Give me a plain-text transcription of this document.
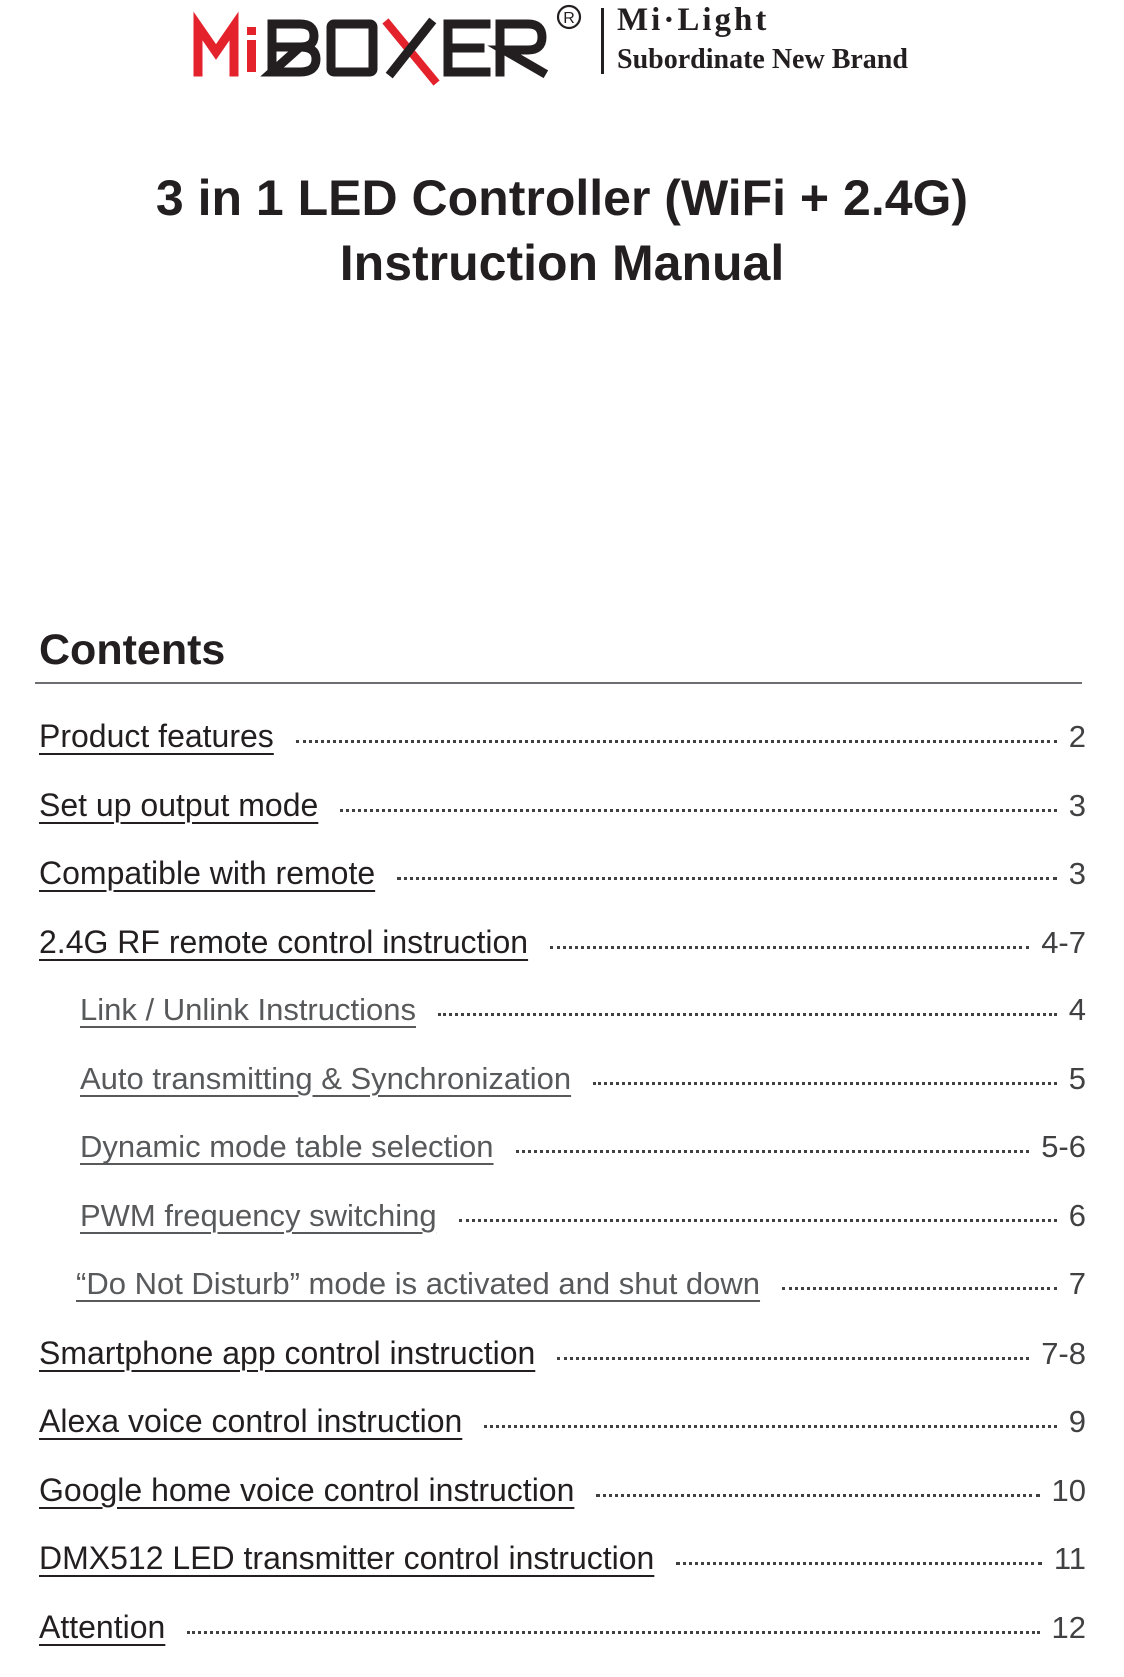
R Mi·Light
Subordinate New Brand
3 in 1 LED Controller (WiFi + 2.4G)
Instruction Manual
Contents
Product features	2
Set up output mode	3
Compatible with remote	3
2.4G RF remote control instruction	4-7
Link / Unlink Instructions	4
Auto transmitting & Synchronization	5
Dynamic mode table selection	5-6
PWM frequency switching	6
“Do Not Disturb” mode is activated and shut down	7
Smartphone app control instruction	7-8
Alexa voice control instruction	9
Google home voice control instruction	10
DMX512 LED transmitter control instruction	11
Attention	12
